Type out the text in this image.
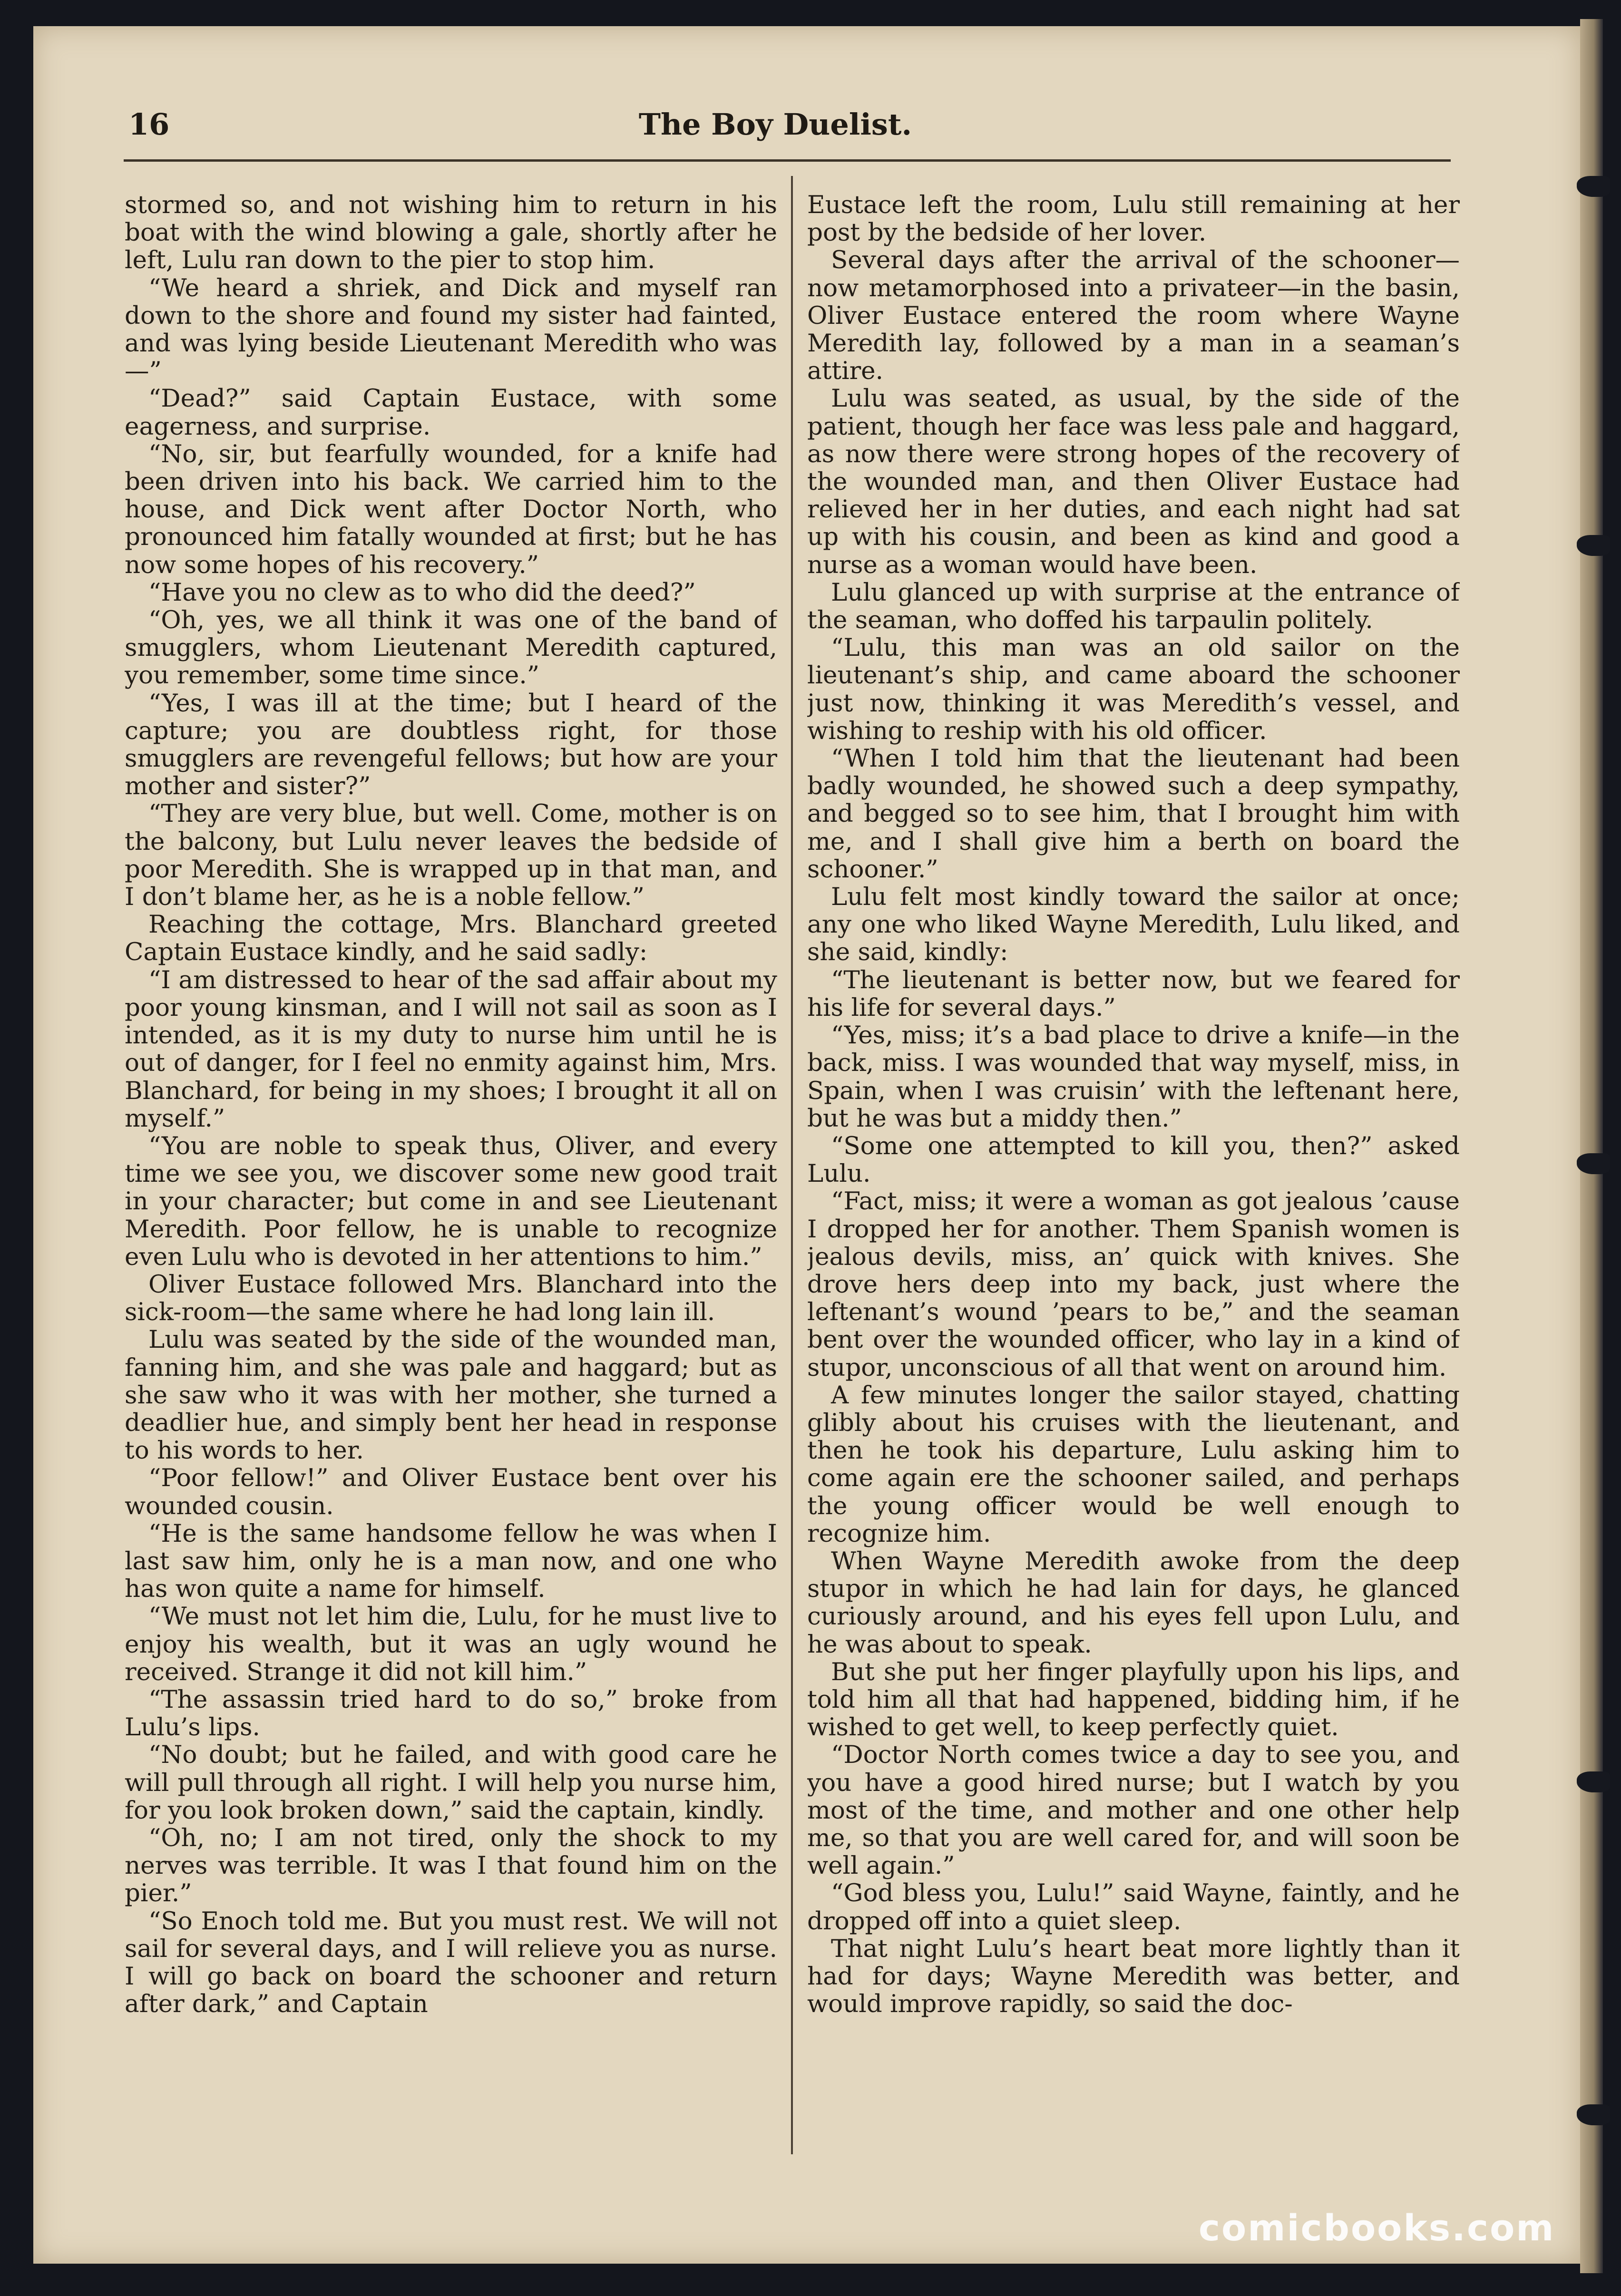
16	The Boy Duelist.

stormed so, and not wishing him to return in his boat with the wind blowing a gale, shortly after he left, Lulu ran down to the pier to stop him.

“We heard a shriek, and Dick and myself ran down to the shore and found my sister had fainted, and was lying beside Lieutenant Meredith who was—”

“Dead?” said Captain Eustace, with some eagerness, and surprise.

“No, sir, but fearfully wounded, for a knife had been driven into his back. We carried him to the house, and Dick went after Doctor North, who pronounced him fatally wounded at first; but he has now some hopes of his recovery.”

“Have you no clew as to who did the deed?”

“Oh, yes, we all think it was one of the band of smugglers, whom Lieutenant Meredith captured, you remember, some time since.”

“Yes, I was ill at the time; but I heard of the capture; you are doubtless right, for those smugglers are revengeful fellows; but how are your mother and sister?”

“They are very blue, but well. Come, mother is on the balcony, but Lulu never leaves the bedside of poor Meredith. She is wrapped up in that man, and I don’t blame her, as he is a noble fellow.”

Reaching the cottage, Mrs. Blanchard greeted Captain Eustace kindly, and he said sadly:

“I am distressed to hear of the sad affair about my poor young kinsman, and I will not sail as soon as I intended, as it is my duty to nurse him until he is out of danger, for I feel no enmity against him, Mrs. Blanchard, for being in my shoes; I brought it all on myself.”

“You are noble to speak thus, Oliver, and every time we see you, we discover some new good trait in your character; but come in and see Lieutenant Meredith. Poor fellow, he is unable to recognize even Lulu who is devoted in her attentions to him.”

Oliver Eustace followed Mrs. Blanchard into the sick-room—the same where he had long lain ill.

Lulu was seated by the side of the wounded man, fanning him, and she was pale and haggard; but as she saw who it was with her mother, she turned a deadlier hue, and simply bent her head in response to his words to her.

“Poor fellow!” and Oliver Eustace bent over his wounded cousin.

“He is the same handsome fellow he was when I last saw him, only he is a man now, and one who has won quite a name for himself.

“We must not let him die, Lulu, for he must live to enjoy his wealth, but it was an ugly wound he received. Strange it did not kill him.”

“The assassin tried hard to do so,” broke from Lulu’s lips.

“No doubt; but he failed, and with good care he will pull through all right. I will help you nurse him, for you look broken down,” said the captain, kindly.

“Oh, no; I am not tired, only the shock to my nerves was terrible. It was I that found him on the pier.”

“So Enoch told me. But you must rest. We will not sail for several days, and I will relieve you as nurse. I will go back on board the schooner and return after dark,” and Captain

Eustace left the room, Lulu still remaining at her post by the bedside of her lover.

Several days after the arrival of the schooner—now metamorphosed into a privateer—in the basin, Oliver Eustace entered the room where Wayne Meredith lay, followed by a man in a seaman’s attire.

Lulu was seated, as usual, by the side of the patient, though her face was less pale and haggard, as now there were strong hopes of the recovery of the wounded man, and then Oliver Eustace had relieved her in her duties, and each night had sat up with his cousin, and been as kind and good a nurse as a woman would have been.

Lulu glanced up with surprise at the entrance of the seaman, who doffed his tarpaulin politely.

“Lulu, this man was an old sailor on the lieutenant’s ship, and came aboard the schooner just now, thinking it was Meredith’s vessel, and wishing to reship with his old officer.

“When I told him that the lieutenant had been badly wounded, he showed such a deep sympathy, and begged so to see him, that I brought him with me, and I shall give him a berth on board the schooner.”

Lulu felt most kindly toward the sailor at once; any one who liked Wayne Meredith, Lulu liked, and she said, kindly:

“The lieutenant is better now, but we feared for his life for several days.”

“Yes, miss; it’s a bad place to drive a knife—in the back, miss. I was wounded that way myself, miss, in Spain, when I was cruisin’ with the leftenant here, but he was but a middy then.”

“Some one attempted to kill you, then?” asked Lulu.

“Fact, miss; it were a woman as got jealous ’cause I dropped her for another. Them Spanish women is jealous devils, miss, an’ quick with knives. She drove hers deep into my back, just where the leftenant’s wound ’pears to be,” and the seaman bent over the wounded officer, who lay in a kind of stupor, unconscious of all that went on around him.

A few minutes longer the sailor stayed, chatting glibly about his cruises with the lieutenant, and then he took his departure, Lulu asking him to come again ere the schooner sailed, and perhaps the young officer would be well enough to recognize him.

When Wayne Meredith awoke from the deep stupor in which he had lain for days, he glanced curiously around, and his eyes fell upon Lulu, and he was about to speak.

But she put her finger playfully upon his lips, and told him all that had happened, bidding him, if he wished to get well, to keep perfectly quiet.

“Doctor North comes twice a day to see you, and you have a good hired nurse; but I watch by you most of the time, and mother and one other help me, so that you are well cared for, and will soon be well again.”

“God bless you, Lulu!” said Wayne, faintly, and he dropped off into a quiet sleep.

That night Lulu’s heart beat more lightly than it had for days; Wayne Meredith was better, and would improve rapidly, so said the doc-

comicbooks.com
